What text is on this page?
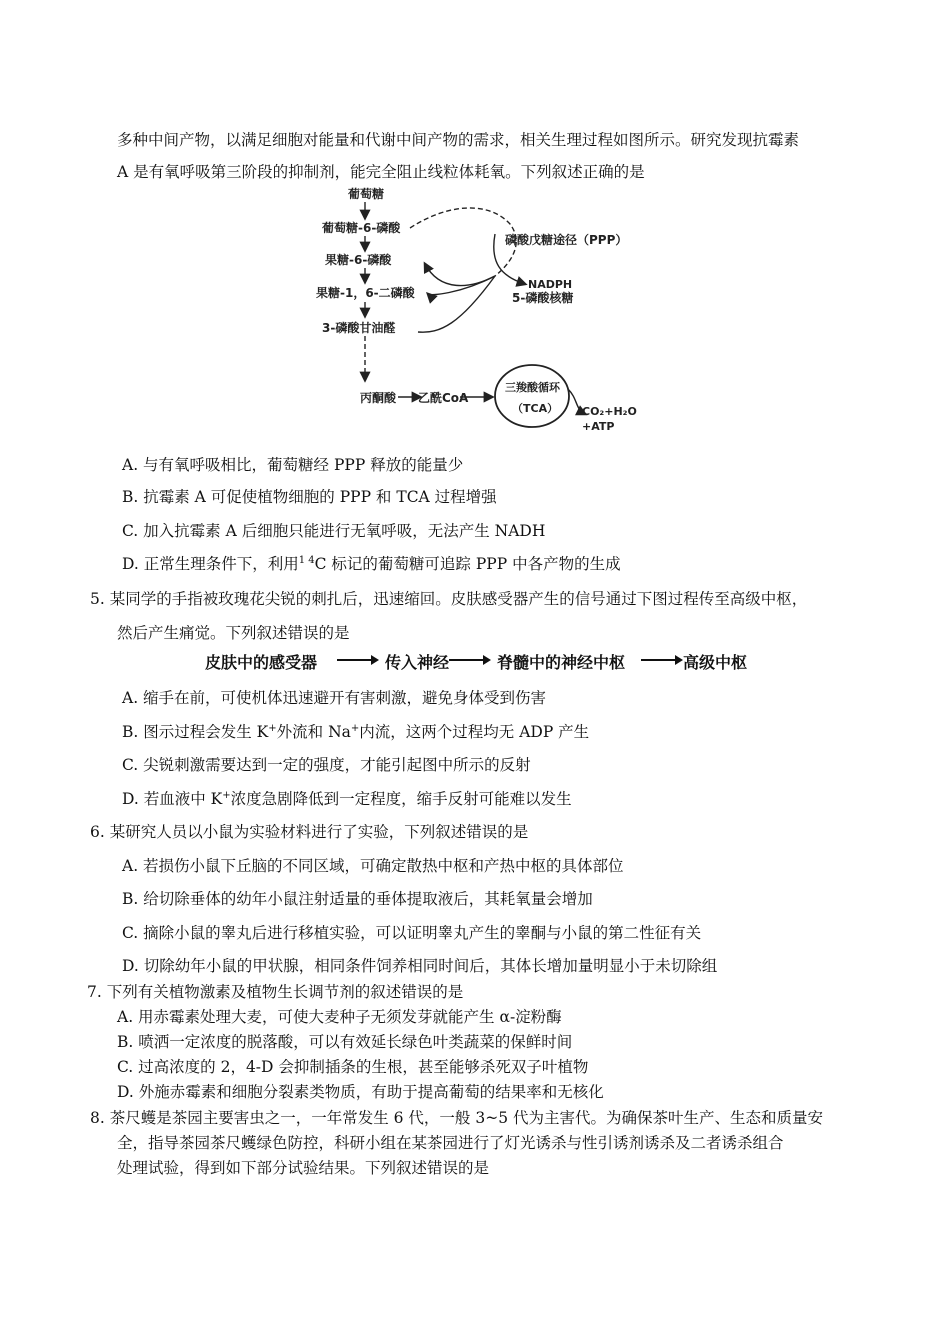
多种中间产物，以满足细胞对能量和代谢中间产物的需求，相关生理过程如图所示。研究发现抗霉素
A 是有氧呼吸第三阶段的抑制剂，能完全阻止线粒体耗氧。下列叙述正确的是
葡萄糖
葡萄糖-6-磷酸
果糖-6-磷酸
果糖-1，6-二磷酸
3-磷酸甘油醛
磷酸戊糖途径（PPP）
NADPH
5-磷酸核糖
丙酮酸 乙酰CoA
三羧酸循环
（TCA） CO₂+H₂O
+ATP
A. 与有氧呼吸相比，葡萄糖经 PPP 释放的能量少
B. 抗霉素 A 可促使植物细胞的 PPP 和 TCA 过程增强
C. 加入抗霉素 A 后细胞只能进行无氧呼吸，无法产生 NADH
D. 正常生理条件下，利用$^{1 4}$C 标记的葡萄糖可追踪 PPP 中各产物的生成
5. 某同学的手指被玫瑰花尖锐的刺扎后，迅速缩回。皮肤感受器产生的信号通过下图过程传至高级中枢，
然后产生痛觉。下列叙述错误的是
皮肤中的感受器	传入神经	脊髓中的神经中枢	高级中枢
A. 缩手在前，可使机体迅速避开有害刺激，避免身体受到伤害
B. 图示过程会发生 K+外流和 Na+内流，这两个过程均无 ADP 产生
C. 尖锐刺激需要达到一定的强度，才能引起图中所示的反射
D. 若血液中 K+浓度急剧降低到一定程度，缩手反射可能难以发生
6. 某研究人员以小鼠为实验材料进行了实验，下列叙述错误的是
A. 若损伤小鼠下丘脑的不同区域，可确定散热中枢和产热中枢的具体部位
B. 给切除垂体的幼年小鼠注射适量的垂体提取液后，其耗氧量会增加
C. 摘除小鼠的睾丸后进行移植实验，可以证明睾丸产生的睾酮与小鼠的第二性征有关
D. 切除幼年小鼠的甲状腺，相同条件饲养相同时间后，其体长增加量明显小于未切除组
7. 下列有关植物激素及植物生长调节剂的叙述错误的是
A. 用赤霉素处理大麦，可使大麦种子无须发芽就能产生 α-淀粉酶
B. 喷洒一定浓度的脱落酸，可以有效延长绿色叶类蔬菜的保鲜时间
C. 过高浓度的 2，4-D 会抑制插条的生根，甚至能够杀死双子叶植物
D. 外施赤霉素和细胞分裂素类物质，有助于提高葡萄的结果率和无核化
8. 茶尺蠖是茶园主要害虫之一，一年常发生 6 代，一般 3~5 代为主害代。为确保茶叶生产、生态和质量安
全，指导茶园茶尺蠖绿色防控，科研小组在某茶园进行了灯光诱杀与性引诱剂诱杀及二者诱杀组合
处理试验，得到如下部分试验结果。下列叙述错误的是
